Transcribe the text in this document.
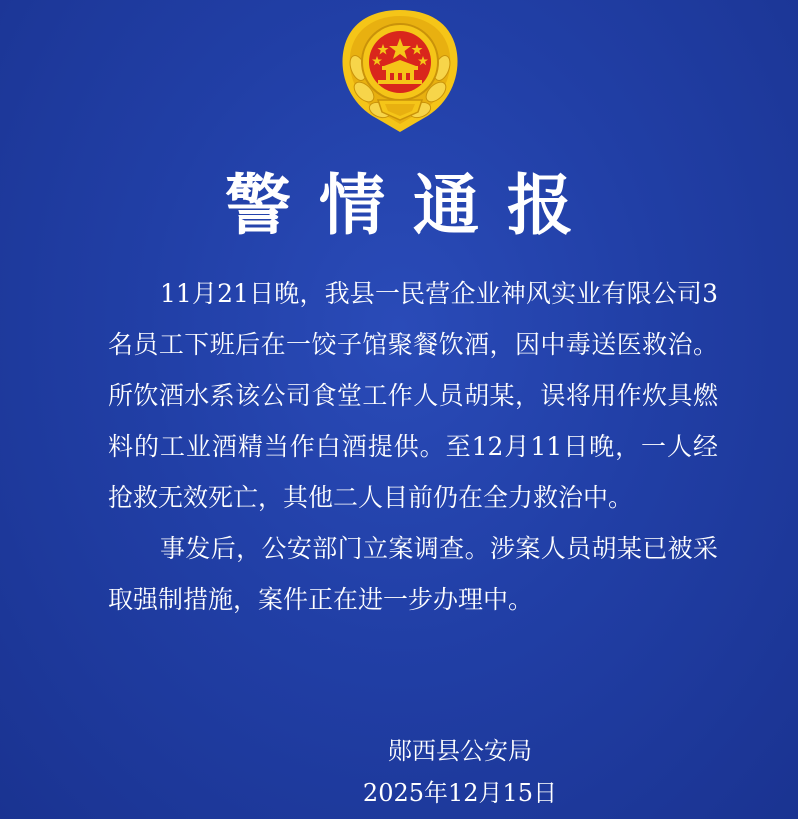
警情通报

11月21日晚，我县一民营企业神风实业有限公司3名员工下班后在一饺子馆聚餐饮酒，因中毒送医救治。所饮酒水系该公司食堂工作人员胡某，误将用作炊具燃料的工业酒精当作白酒提供。至12月11日晚，一人经抢救无效死亡，其他二人目前仍在全力救治中。

事发后，公安部门立案调查。涉案人员胡某已被采取强制措施，案件正在进一步办理中。

郧西县公安局
2025年12月15日
